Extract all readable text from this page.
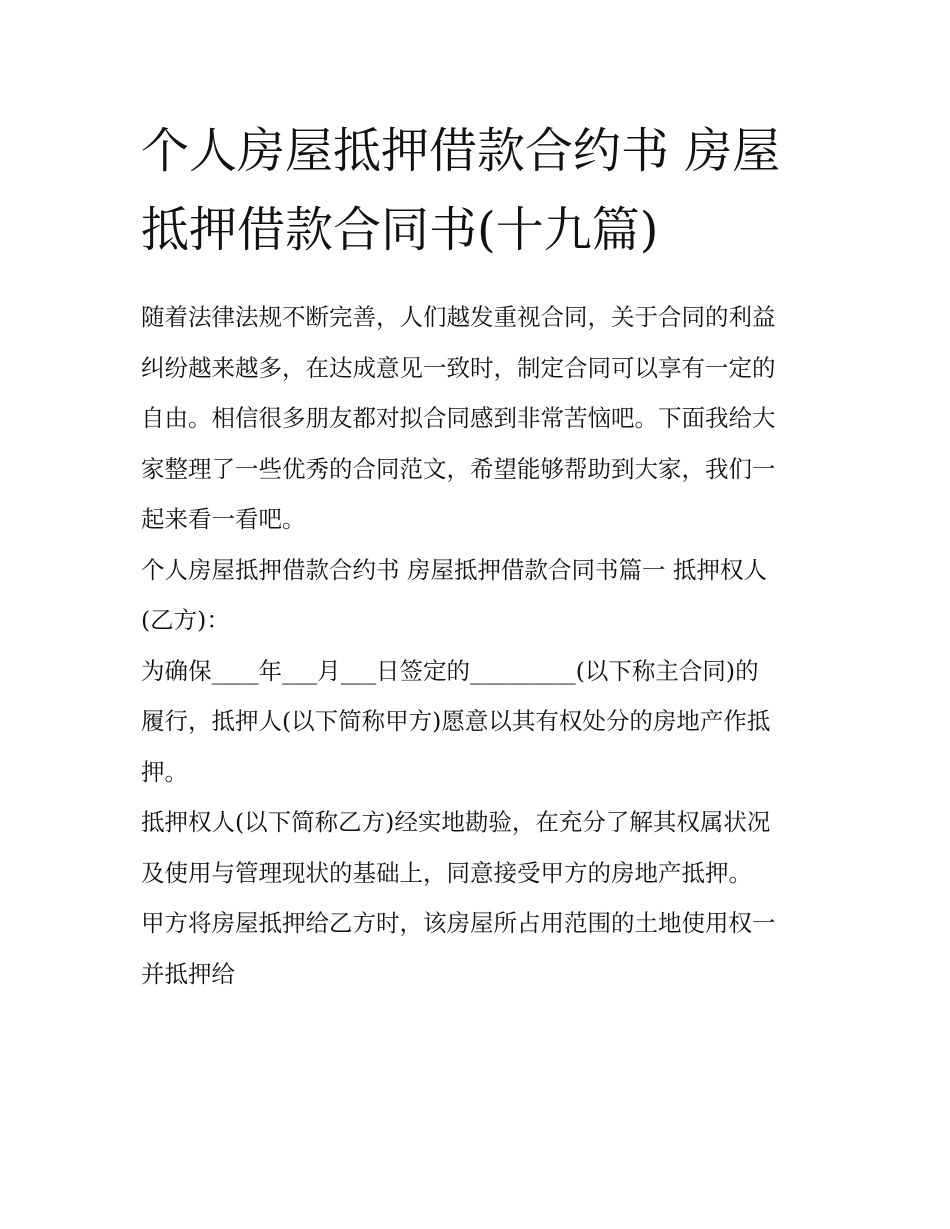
个人房屋抵押借款合约书 房屋
抵押借款合同书(十九篇)

随着法律法规不断完善，人们越发重视合同，关于合同的利益
纠纷越来越多，在达成意见一致时，制定合同可以享有一定的
自由。相信很多朋友都对拟合同感到非常苦恼吧。下面我给大
家整理了一些优秀的合同范文，希望能够帮助到大家，我们一
起来看一看吧。

个人房屋抵押借款合约书 房屋抵押借款合同书篇一 抵押权人
(乙方)：

为确保____年___月___日签定的_________(以下称主合同)的
履行，抵押人(以下简称甲方)愿意以其有权处分的房地产作抵
押。

抵押权人(以下简称乙方)经实地勘验，在充分了解其权属状况
及使用与管理现状的基础上，同意接受甲方的房地产抵押。

甲方将房屋抵押给乙方时，该房屋所占用范围的土地使用权一
并抵押给
